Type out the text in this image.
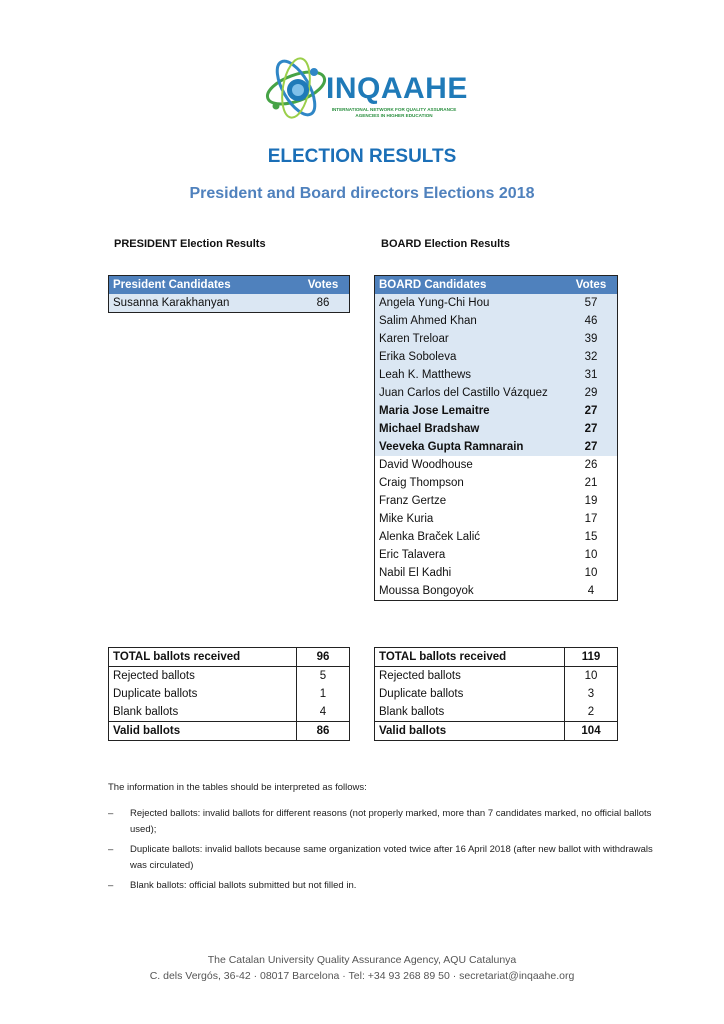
INQAAHE
INTERNATIONAL NETWORK FOR QUALITY ASSURANCE AGENCIES IN HIGHER EDUCATION
ELECTION RESULTS
President and Board directors Elections 2018
PRESIDENT Election Results	BOARD Election Results
President Candidates	Votes
Susanna Karakhanyan	86
BOARD Candidates	Votes
Angela Yung-Chi Hou	57
Salim Ahmed Khan	46
Karen Treloar	39
Erika Soboleva	32
Leah K. Matthews	31
Juan Carlos del Castillo Vázquez	29
Maria Jose Lemaitre	27
Michael Bradshaw	27
Veeveka Gupta Ramnarain	27
David Woodhouse	26
Craig Thompson	21
Franz Gertze	19
Mike Kuria	17
Alenka Braček Lalić	15
Eric Talavera	10
Nabil El Kadhi	10
Moussa Bongoyok	4
TOTAL ballots received	96
Rejected ballots	5
Duplicate ballots	1
Blank ballots	4
Valid ballots	86
TOTAL ballots received	119
Rejected ballots	10
Duplicate ballots	3
Blank ballots	2
Valid ballots	104
The information in the tables should be interpreted as follows:
– Rejected ballots: invalid ballots for different reasons (not properly marked, more than 7 candidates marked, no official ballots used);
– Duplicate ballots: invalid ballots because same organization voted twice after 16 April 2018 (after new ballot with withdrawals was circulated)
– Blank ballots: official ballots submitted but not filled in.
The Catalan University Quality Assurance Agency, AQU Catalunya
C. dels Vergós, 36-42 · 08017 Barcelona · Tel: +34 93 268 89 50 · secretariat@inqaahe.org
